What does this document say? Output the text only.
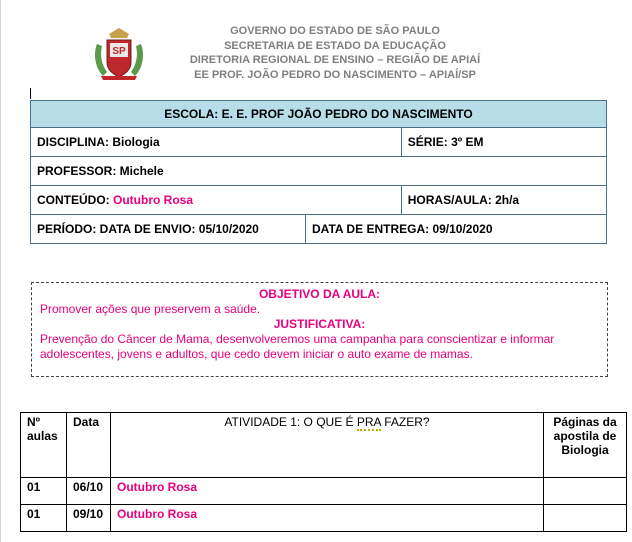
SP
GOVERNO DO ESTADO DE SÃO PAULO
SECRETARIA DE ESTADO DA EDUCAÇÃO
DIRETORIA REGIONAL DE ENSINO – REGIÃO DE APIAÍ
EE PROF. JOÃO PEDRO DO NASCIMENTO – APIAÍ/SP
ESCOLA: E. E. PROF JOÃO PEDRO DO NASCIMENTO		
DISCIPLINA: Biologia		SÉRIE: 3º EM
PROFESSOR: Michele		
CONTEÚDO: Outubro Rosa		HORAS/AULA: 2h/a
PERÍODO: DATA DE ENVIO: 05/10/2020	DATA DE ENTREGA: 09/10/2020	
OBJETIVO DA AULA:
Promover ações que preservem a saúde.
JUSTIFICATIVA:
Prevenção do Câncer de Mama, desenvolveremos uma campanha para conscientizar e informar adolescentes, jovens e adultos, que cedo devem iniciar o auto exame de mamas.
Nº aulas	Data	ATIVIDADE 1: O QUE É PRA FAZER?	Páginas da apostila de Biologia
01	06/10	Outubro Rosa	
01	09/10	Outubro Rosa	
